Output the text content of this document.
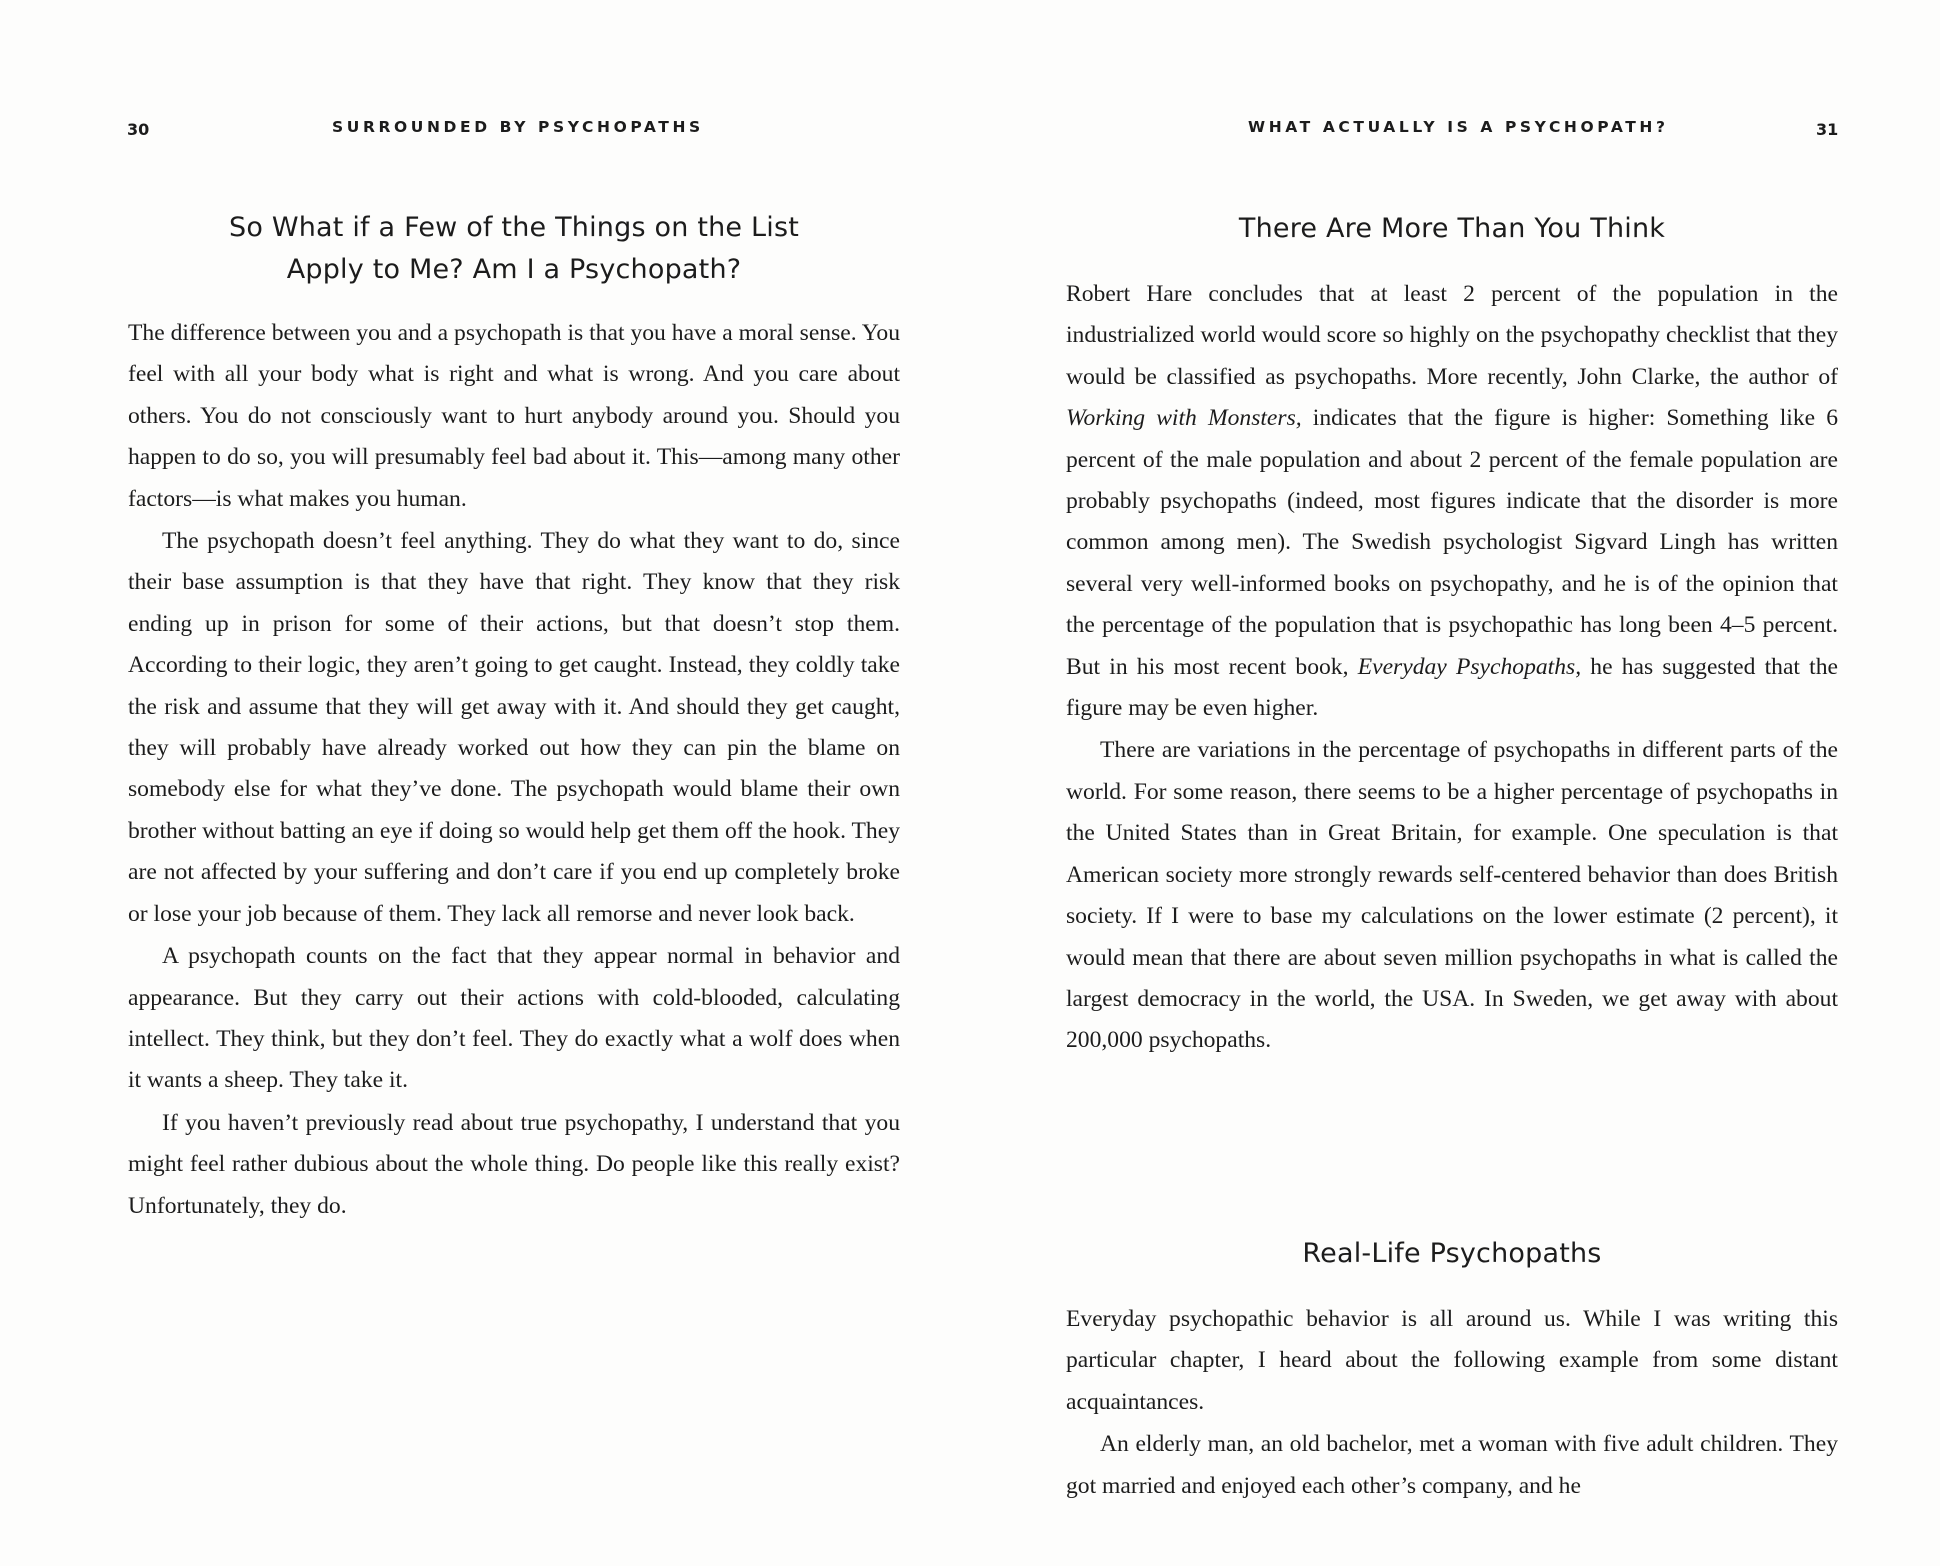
30	SURROUNDED BY PSYCHOPATHS
So What if a Few of the Things on the List
Apply to Me? Am I a Psychopath?

The difference between you and a psychopath is that you have a moral sense. You feel with all your body what is right and what is wrong. And you care about others. You do not consciously want to hurt anybody around you. Should you happen to do so, you will presumably feel bad about it. This—among many other factors—is what makes you human.

The psychopath doesn’t feel anything. They do what they want to do, since their base assumption is that they have that right. They know that they risk ending up in prison for some of their actions, but that doesn’t stop them. According to their logic, they aren’t going to get caught. Instead, they coldly take the risk and assume that they will get away with it. And should they get caught, they will probably have already worked out how they can pin the blame on somebody else for what they’ve done. The psychopath would blame their own brother without batting an eye if doing so would help get them off the hook. They are not affected by your suffering and don’t care if you end up completely broke or lose your job because of them. They lack all remorse and never look back.

A psychopath counts on the fact that they appear normal in behavior and appearance. But they carry out their actions with cold-blooded, calculating intellect. They think, but they don’t feel. They do exactly what a wolf does when it wants a sheep. They take it.

If you haven’t previously read about true psychopathy, I understand that you might feel rather dubious about the whole thing. Do people like this really exist? Unfortunately, they do.

WHAT ACTUALLY IS A PSYCHOPATH?	31
There Are More Than You Think

Robert Hare concludes that at least 2 percent of the population in the industrialized world would score so highly on the psychopathy checklist that they would be classified as psychopaths. More recently, John Clarke, the author of Working with Monsters, indicates that the figure is higher: Something like 6 percent of the male population and about 2 percent of the female population are probably psychopaths (indeed, most figures indicate that the disorder is more common among men). The Swedish psychologist Sigvard Lingh has written several very well-informed books on psychopathy, and he is of the opinion that the percentage of the population that is psychopathic has long been 4–5 percent. But in his most recent book, Everyday Psychopaths, he has suggested that the figure may be even higher.

There are variations in the percentage of psychopaths in different parts of the world. For some reason, there seems to be a higher percentage of psychopaths in the United States than in Great Britain, for example. One speculation is that American society more strongly rewards self-centered behavior than does British society. If I were to base my calculations on the lower estimate (2 percent), it would mean that there are about seven million psychopaths in what is called the largest democracy in the world, the USA. In Sweden, we get away with about 200,000 psychopaths.

Real-Life Psychopaths

Everyday psychopathic behavior is all around us. While I was writing this particular chapter, I heard about the following example from some distant acquaintances.

An elderly man, an old bachelor, met a woman with five adult children. They got married and enjoyed each other’s company, and he
